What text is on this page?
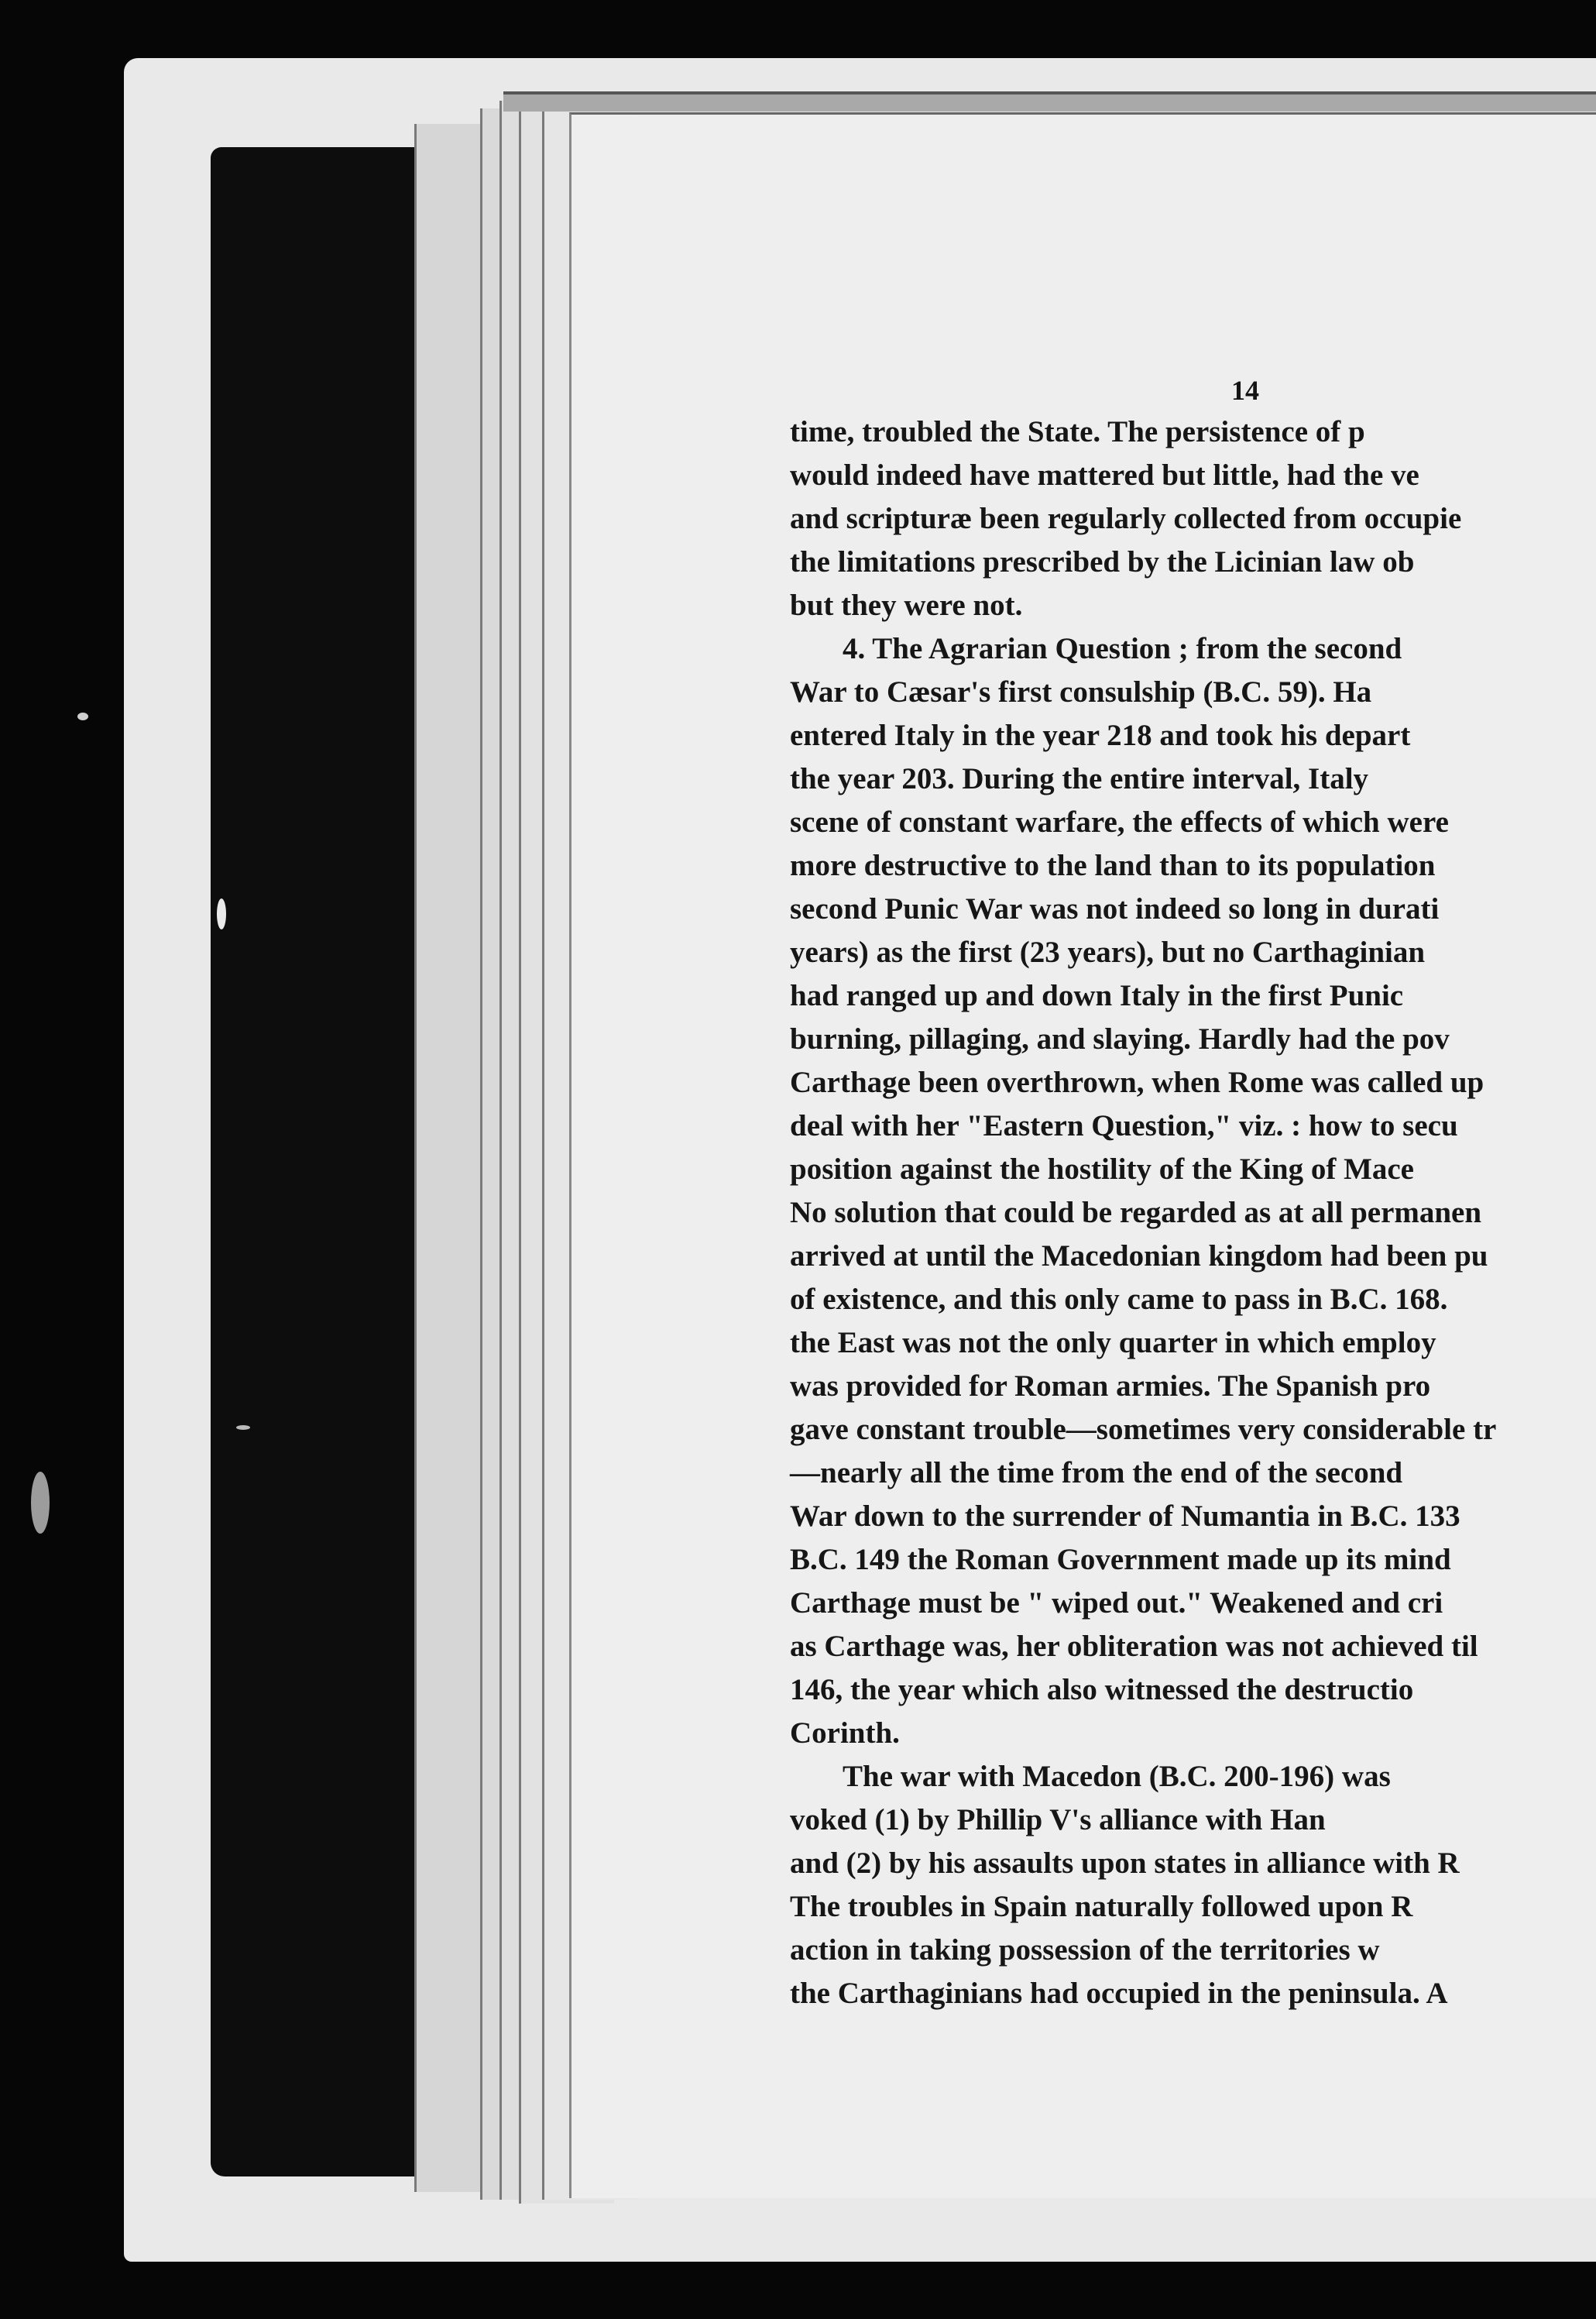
14

time, troubled the State. The persistence of p
would indeed have mattered but little, had the ve
and scripturæ been regularly collected from occupie
the limitations prescribed by the Licinian law ob
but they were not.

4. The Agrarian Question ; from the second
War to Cæsar's first consulship (B.C. 59). Ha
entered Italy in the year 218 and took his depart
the year 203. During the entire interval, Italy
scene of constant warfare, the effects of which were
more destructive to the land than to its population
second Punic War was not indeed so long in durati
years) as the first (23 years), but no Carthaginian
had ranged up and down Italy in the first Punic
burning, pillaging, and slaying. Hardly had the pov
Carthage been overthrown, when Rome was called up
deal with her "Eastern Question," viz. : how to secu
position against the hostility of the King of Mace
No solution that could be regarded as at all permanen
arrived at until the Macedonian kingdom had been pu
of existence, and this only came to pass in B.C. 168.
the East was not the only quarter in which employ
was provided for Roman armies. The Spanish pro
gave constant trouble—sometimes very considerable tr
—nearly all the time from the end of the second
War down to the surrender of Numantia in B.C. 133
B.C. 149 the Roman Government made up its mind
Carthage must be " wiped out." Weakened and cri
as Carthage was, her obliteration was not achieved til
146, the year which also witnessed the destructio
Corinth.

The war with Macedon (B.C. 200-196) was
voked (1) by Phillip V's alliance with Han
and (2) by his assaults upon states in alliance with R
The troubles in Spain naturally followed upon R
action in taking possession of the territories w
the Carthaginians had occupied in the peninsula. A
